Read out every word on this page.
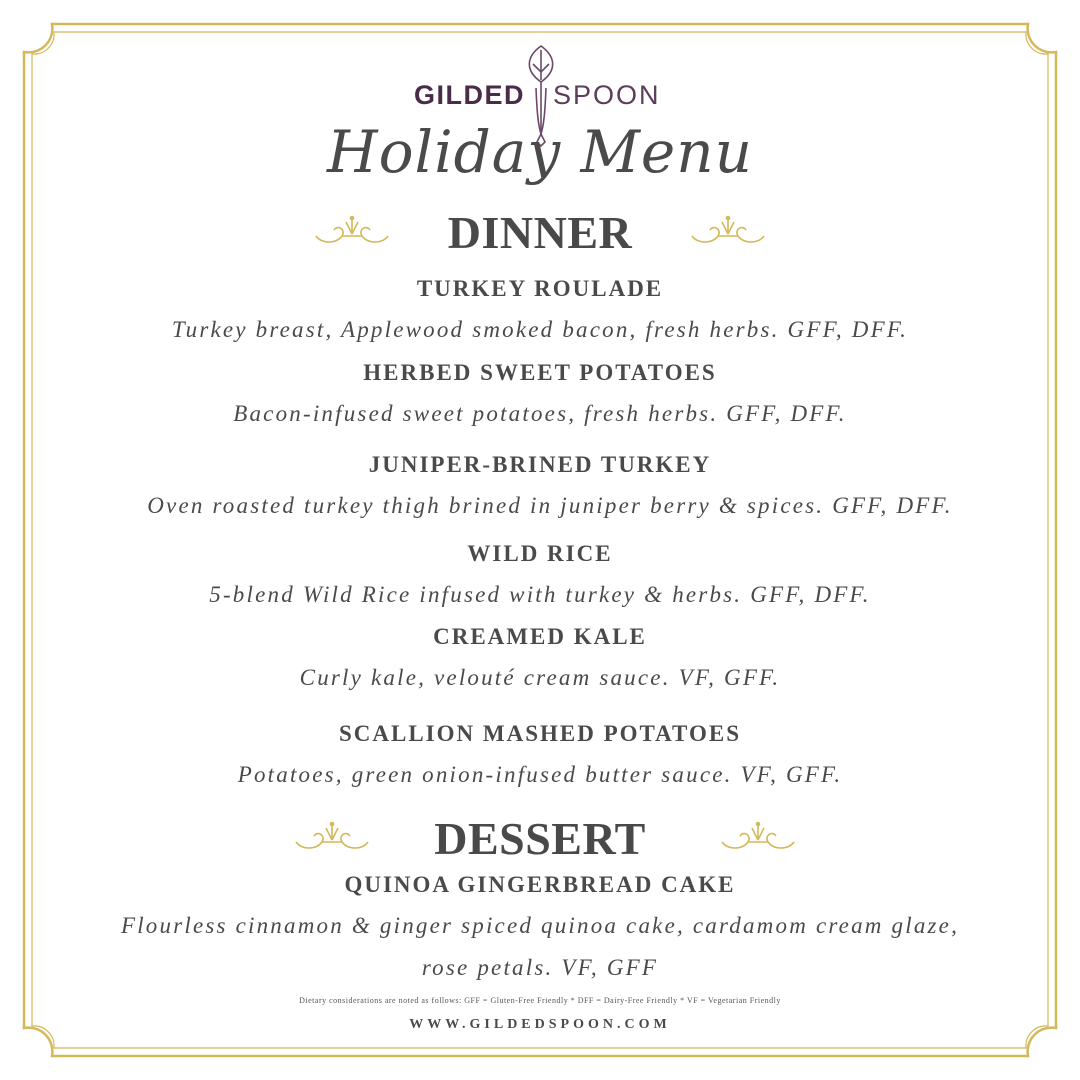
GILDED SPOON
Holiday Menu
DINNER
TURKEY ROULADE
Turkey breast, Applewood smoked bacon, fresh herbs. GFF, DFF.
HERBED SWEET POTATOES
Bacon-infused sweet potatoes, fresh herbs. GFF, DFF.
JUNIPER-BRINED TURKEY
Oven roasted turkey thigh brined in juniper berry & spices. GFF, DFF.
WILD RICE
5-blend Wild Rice infused with turkey & herbs. GFF, DFF.
CREAMED KALE
Curly kale, velouté cream sauce. VF, GFF.
SCALLION MASHED POTATOES
Potatoes, green onion-infused butter sauce. VF, GFF.
DESSERT
QUINOA GINGERBREAD CAKE
Flourless cinnamon & ginger spiced quinoa cake, cardamom cream glaze,
rose petals. VF, GFF
Dietary considerations are noted as follows: GFF = Gluten-Free Friendly * DFF = Dairy-Free Friendly * VF = Vegetarian Friendly
WWW.GILDEDSPOON.COM
